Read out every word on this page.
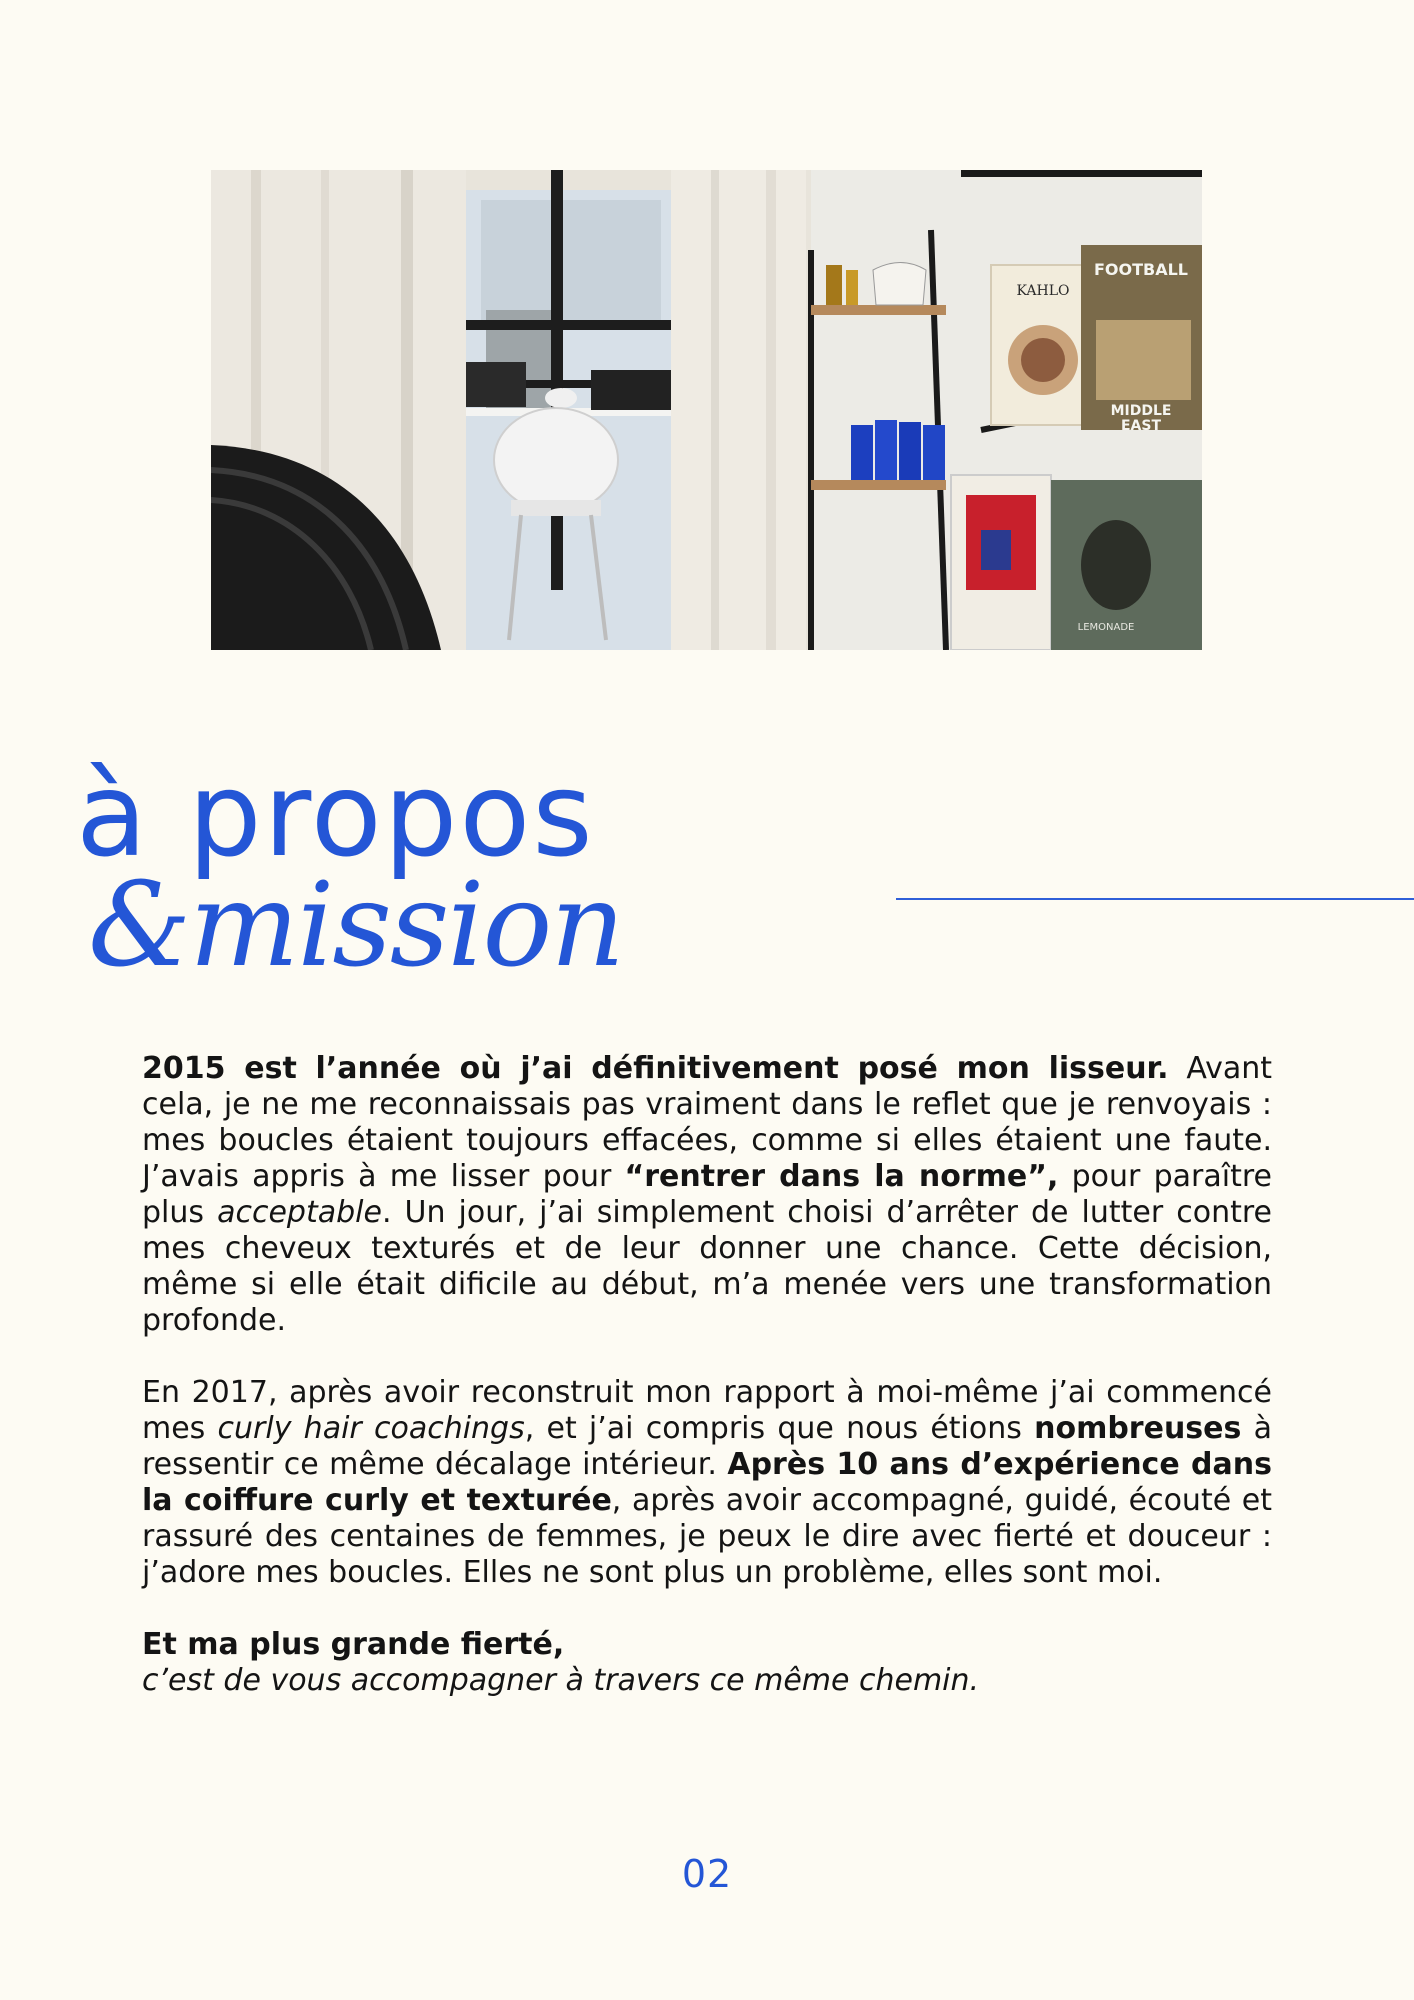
KAHLO
FOOTBALL
MIDDLE
EAST
LEMONADE
à propos
&mission

2015 est l’année où j’ai définitivement posé mon lisseur. Avant cela, je ne me reconnaissais pas vraiment dans le reflet que je renvoyais : mes boucles étaient toujours effacées, comme si elles étaient une faute. J’avais appris à me lisser pour “rentrer dans la norme”, pour paraître plus acceptable. Un jour, j’ai simplement choisi d’arrêter de lutter contre mes cheveux texturés et de leur donner une chance. Cette décision, même si elle était dificile au début, m’a menée vers une transformation profonde.

En 2017, après avoir reconstruit mon rapport à moi-même j’ai commencé mes curly hair coachings, et j’ai compris que nous étions nombreuses à ressentir ce même décalage intérieur. Après 10 ans d’expérience dans la coiffure curly et texturée, après avoir accompagné, guidé, écouté et rassuré des centaines de femmes, je peux le dire avec fierté et douceur : j’adore mes boucles. Elles ne sont plus un problème, elles sont moi.

Et ma plus grande fierté,
c’est de vous accompagner à travers ce même chemin.

02
